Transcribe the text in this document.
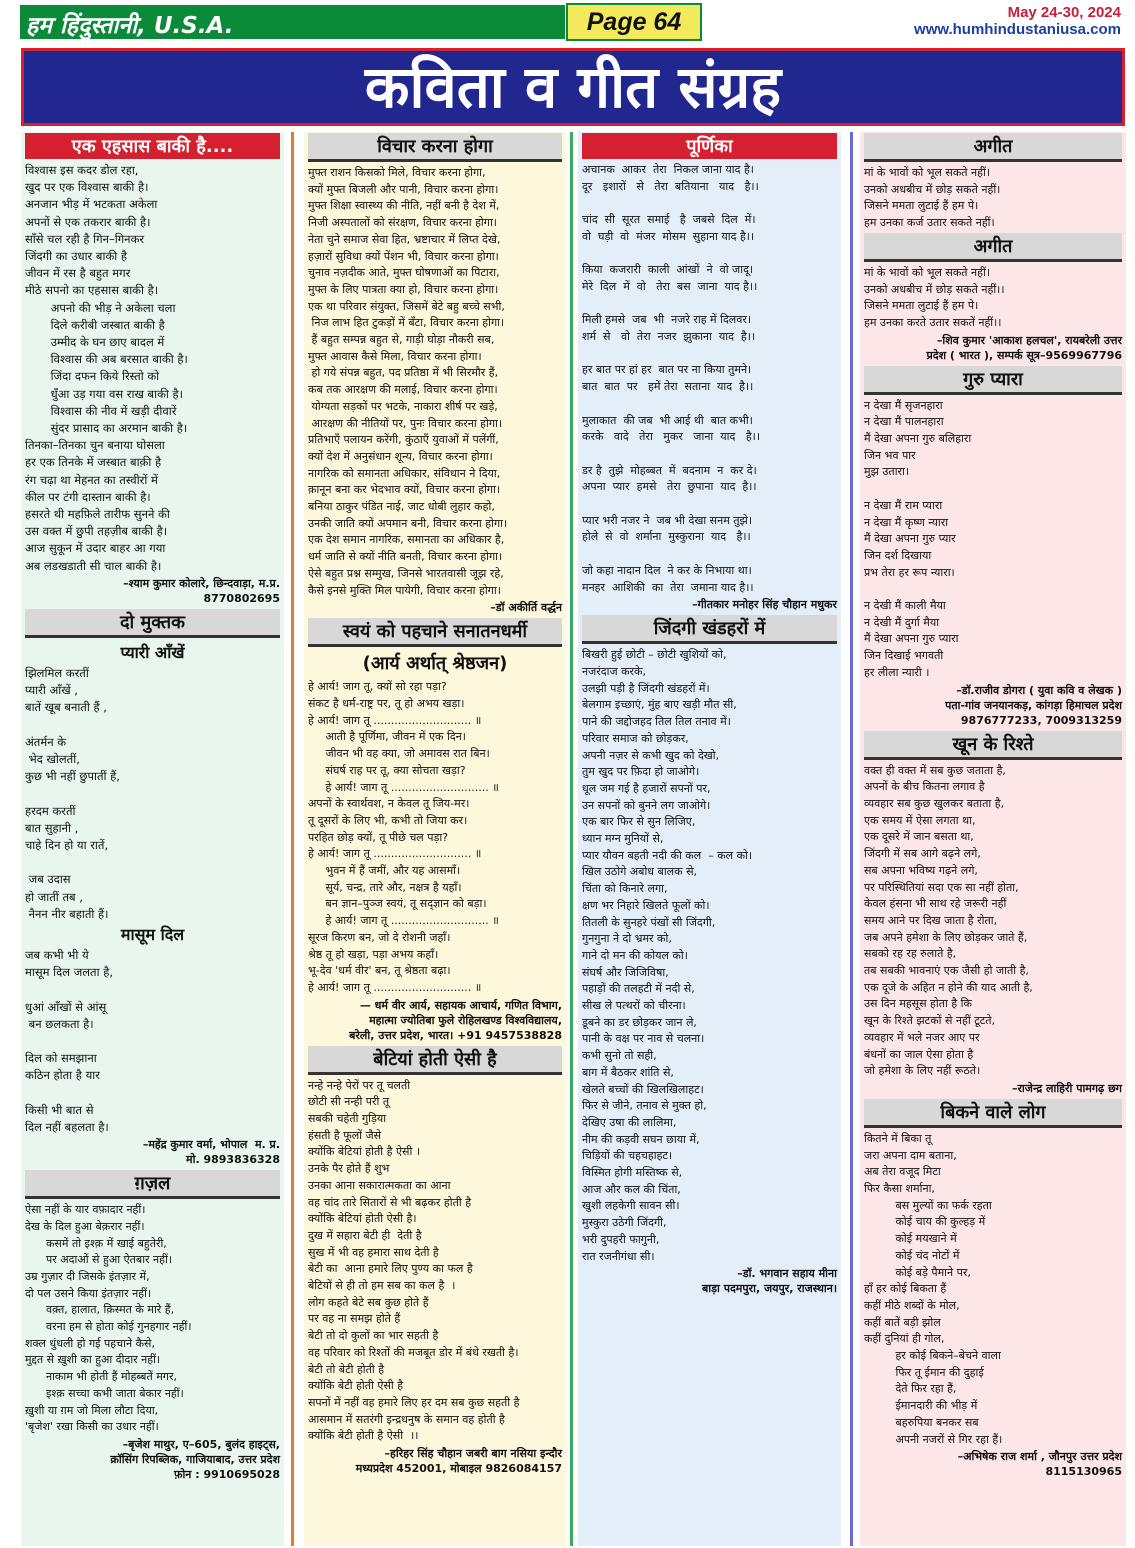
हम हिंदुस्तानी, U.S.A.	Page 64	May 24-30, 2024
www.humhindustaniusa.com
कविता व गीत संग्रह
एक एहसास बाकी है....
विश्वास इस कदर डोल रहा,
खुद पर एक विश्वास बाकी है।
अनजान भीड़ में भटकता अकेला
अपनों से एक तकरार बाकी है।
साँसे चल रही है गिन–गिनकर
जिंदगी का उधार बाकी है
जीवन में रस है बहुत मगर
मीठे सपनो का एहसास बाकी है।
अपनो की भीड़ ने अकेला चला
दिले करीबी जस्बात बाकी है
उम्मीद के घन छाए बादल में
विश्वास की अब बरसात बाकी है।
जिंदा दफन किये रिस्तो को
धुँआ उड़ गया वस राख बाकी है।
विश्वास की नीव में खड़ी दीवारें
सुंदर प्रासाद का अरमान बाकी है।
तिनका–तिनका चुन बनाया घोसला
हर एक तिनके में जस्बात बाक़ी है
रंग चढ़ा था मेहनत का तस्वीरों में
कील पर टंगी दास्तान बाकी है।
हसरते थी महफ़िले तारीफ सुनने की
उस वक्त में छुपी तहज़ीब बाकी है।
आज सुकून में उदार बाहर आ गया
अब लडखडाती सी चाल बाकी है।
–श्याम कुमार कोलारे, छिन्दवाड़ा, म.प्र.
8770802695
दो मुक्तक
प्यारी आँखें
झिलमिल करतीं
प्यारी आँखें ,
बातें खूब बनाती हैं ,

अंतर्मन के
भेद खोलतीं,
कुछ भी नहीं छुपातीं हैं,

हरदम करतीं
बात सुहानी ,
चाहे दिन हो या रातें,

जब उदास
हो जातीं तब ,
नैनन नीर बहाती हैं।
मासूम दिल
जब कभी भी ये
मासूम दिल जलता है,

धुआं आँखों से आंसू
बन छलकता है।

दिल को समझाना
कठिन होता है यार

किसी भी बात से
दिल नहीं बहलता है।
–महेंद्र कुमार वर्मा, भोपाल  म. प्र.
मो. 9893836328
ग़ज़ल
ऐसा नहीं के यार वफ़ादार नहीं।
देख के दिल हुआ बेक़रार नहीं।
कसमें तो इश्क़ में खाई बहुतेरी,
पर अदाओं से हुआ ऐतबार नहीं।
उम्र गुज़ार दी जिसके इंतज़ार में,
दो पल उसने किया इंतज़ार नहीं।
वक़्त, हालात, क़िस्मत के मारे हैं,
वरना हम से होता कोई गुनहगार नहीं।
शक्ल धुंधली हो गई पहचाने कैसे,
मुद्दत से ख़ुशी का हुआ दीदार नहीं।
नाकाम भी होती हैं मोहब्बतें मगर,
इश्क़ सच्चा कभी जाता बेकार नहीं।
ख़ुशी या ग़म जो मिला लौटा दिया,
'बृजेश' रखा किसी का उधार नहीं।
–बृजेश माथुर, ए–605, बुलंद हाइट्स,
क्रॉसिंग रिपब्लिक, गाजियाबाद, उत्तर प्रदेश
फ़ोन : 9910695028
विचार करना होगा
मुफ्त राशन किसको मिले, विचार करना होगा,
क्यों मुफ्त बिजली और पानी, विचार करना होगा।
मुफ्त शिक्षा स्वास्थ्य की नीति, नहीं बनी है देश में,
निजी अस्पतालों को संरक्षण, विचार करना होगा।
नेता चुने समाज सेवा हित, भ्रष्टाचार में लिप्त देखे,
हज़ारों सुविधा क्यों पेंशन भी, विचार करना होगा।
चुनाव नज़दीक आते, मुफ्त घोषणाओं का पिटारा,
मुफ्त के लिए पात्रता क्या हो, विचार करना होगा।
एक था परिवार संयुक्त, जिसमें बेटे बहु बच्चे सभी,
निज लाभ हित टुकड़ों में बँटा, विचार करना होगा।
हैं बहुत सम्पन्न बहुत से, गाड़ी घोड़ा नौकरी सब,
मुफ्त आवास कैसे मिला, विचार करना होगा।
हो गये संपन्न बहुत, पद प्रतिष्ठा में भी सिरमौर हैं,
कब तक आरक्षण की मलाई, विचार करना होगा।
योग्यता सड़कों पर भटके, नाकारा शीर्ष पर खड़े,
आरक्षण की नीतियों पर, पुनः विचार करना होगा।
प्रतिभाएँ पलायन करेंगी, कुंठाएँ युवाओं में पलेंगीं,
क्यों देश में अनुसंधान शून्य, विचार करना होगा।
नागरिक को समानता अधिकार, संविधान ने दिया,
क़ानून बना कर भेदभाव क्यों, विचार करना होगा।
बनिया ठाकुर पंडित नाई, जाट धोबी लुहार कहो,
उनकी जाति क्यों अपमान बनी, विचार करना होगा।
एक देश समान नागरिक, समानता का अधिकार है,
धर्म जाति से क्यों नीति बनती, विचार करना होगा।
ऐसे बहुत प्रश्न सम्मुख, जिनसे भारतवासी जूझ रहे,
कैसे इनसे मुक्ति मिल पायेगी, विचार करना होगा।
–डॉ अकीर्ति वर्द्धन
स्वयं को पहचाने सनातनधर्मी
(आर्य अर्थात् श्रेष्ठजन)
हे आर्य! जाग तू, क्यों सो रहा पड़ा?
संकट है धर्म-राष्ट्र पर, तू हो अभय खड़ा।
हे आर्य! जाग तू ............................ ॥
आती है पूर्णिमा, जीवन में एक दिन।
जीवन भी वह क्या, जो अमावस रात बिन।
संघर्ष राह पर तू, क्या सोचता खड़ा?
हे आर्य! जाग तू ............................ ॥
अपनों के स्वार्थवश, न केवल तू जिय-मर।
तू दूसरों के लिए भी, कभी तो जिया कर।
परहित छोड़ क्यों, तू पीछे चल पड़ा?
हे आर्य! जाग तू ............................ ॥
भुवन में हैं जमीं, और यह आसमाँ।
सूर्य, चन्द्र, तारे और, नक्षत्र है यहाँ।
बन ज्ञान–पुञ्ज स्वयं, तू सद्ज्ञान को बड़ा।
हे आर्य! जाग तू ............................ ॥
सूरज किरण बन, जो दे रोशनी जहाँ।
श्रेष्ठ तू हो खड़ा, पड़ा अभय कहाँ।
भू-देव 'धर्म वीर' बन, तू श्रेष्ठता बढ़ा।
हे आर्य! जाग तू ............................ ॥
— धर्म वीर आर्य, सहायक आचार्य, गणित विभाग,
महात्मा ज्योतिबा फुले रोहिलखण्ड विश्वविद्यालय,
बरेली, उत्तर प्रदेश, भारत। +91 9457538828
बेटियां होती ऐसी है
नन्हे नन्हे पेरों पर तू चलती
छोटी सी नन्ही परी तू
सबकी चहेती गुड़िया
हंसती है फूलों जैसे
क्योंकि बेटियां होती है ऐसी ।
उनके पैर होते हैं शुभ
उनका आना सकारात्मकता का आना
वह चांद तारे सितारों से भी बढ़कर होती है
क्योंकि बेटियां होती ऐसी है।
दुख में सहारा बेटी ही  देती है
सुख में भी वह हमारा साथ देती है
बेटी का  आना हमारे लिए पुण्य का फल है
बेटियों से ही तो हम सब का कल है  ।
लोग कहते बेटे सब कुछ होते हैं
पर वह ना समझ होते हैं
बेटी तो दो कुलों का भार सहती है
वह परिवार को रिश्तों की मजबूत डोर में बंधे रखती है।
बेटी तो बेटी होती है
क्योंकि बेटी होती ऐसी है
सपनों में नहीं वह हमारे लिए हर दम सब कुछ सहती है
आसमान में सतरंगी इन्द्रधनुष के समान वह होती है
क्योंकि बेटी होती है ऐसी  ।।
–हरिहर सिंह चौहान जबरी बाग नसिया इन्दौर
मध्यप्रदेश 452001, मोबाइल 9826084157
पूर्णिका
अचानक  आकर  तेरा  निकल जाना याद है।
दूर   इशारों   से   तेरा  बतियाना   याद   है।।

चांद  सी  सूरत  समाई   है  जबसे  दिल  में।
वो  घड़ी  वो  मंजर  मोसम  सुहाना याद है।।

किया  कजरारी  काली  आंखों  ने  वो जादू।
मेरे  दिल  में  वो   तेरा  बस  जाना  याद है।।

मिली हमसे  जब  भी  नजरे राह में दिलवर।
शर्म  से   वो  तेरा  नजर  झुकाना  याद  है।।

हर बात पर हां हर  बात पर ना किया तुमने।
बात  बात  पर   हमें तेरा  सताना  याद  है।।

मुलाकात  की जब  भी आई थी  बात कभी।
करके   वादे   तेरा   मुकर   जाना  याद   है।।

डर है  तुझे  मोहब्बत  में  बदनाम  न  कर दे।
अपना  प्यार  हमसे   तेरा  छुपाना  याद  है।।

प्यार भरी नजर ने  जब भी देखा सनम तुझे।
होले  से  वो  शर्माना  मुस्कुराना  याद   है।।

जो कहा नादान दिल  ने कर के निभाया था।
मनहर  आशिकी  का  तेरा  जमाना याद है।।
–गीतकार मनोहर सिंह चौहान मधुकर
जिंदगी खंडहरों में
बिखरी हुई छोटी – छोटी खुशियों को,
नजरंदाज करके,
उलझी पड़ी है जिंदगी खंडहरों में।
बेलगाम इच्छाएं, मुंह बाए खड़ी मौत सी,
पाने की जद्दोजहद तिल तिल तनाव में।
परिवार समाज को छोड़कर,
अपनी नज़र से कभी खुद को देखो,
तुम खुद पर फ़िदा हो जाओगे।
धूल जम गई है हजारों सपनों पर,
उन सपनों को बुनने लग जाओगे।
एक बार फिर से सुन लिजिए,
ध्यान मग्न मुनियों से,
प्यार यौवन बहती नदी की कल  – कल को।
खिल उठोगे अबोध बालक से,
चिंता को किनारे लगा,
क्षण भर निहारे खिलते फूलों को।
तितली के सुनहरे पंखों सी जिंदगी,
गुनगुना ने दो भ्रमर को,
गाने दो मन की कोयल को।
संघर्ष और जिजिविषा,
पहाड़ों की तलहटी में नदी से,
सीख ले पत्थरों को चीरना।
डूबने का डर छोड़कर जान ले,
पानी के वक्ष पर नाव से चलना।
कभी सुनो तो सही,
बाग में बैठकर शांति से,
खेलते बच्चों की खिलखिलाहट।
फिर से जीने, तनाव से मुक्त हो,
देखिए उषा की लालिमा,
नीम की कड़वी सघन छाया में,
चिड़ियों की चहचहाहट।
विस्मित होगी मस्तिष्क से,
आज और कल की चिंता,
खुशी लहकेगी सावन सी।
मुस्कुरा उठेगी जिंदगी,
भरी दुपहरी फागुनी,
रात रजनीगंधा सी।
–डॉ. भगवान सहाय मीना
बाड़ा पदमपुरा, जयपुर, राजस्थान।
अगीत
मां के भावों को भूल सकते नहीं।
उनको अधबीच में छोड़ सकते नहीं।
जिसने ममता लुटाई हैं हम पे।
हम उनका कर्ज उतार सकते नहीं।
अगीत
मां के भावों को भूल सकते नहीं।
उनको अधबीच में छोड़ सकते नहीं।।
जिसने ममता लुटाई हैं हम पे।
हम उनका करते उतार सकतें नहीं।।
–शिव कुमार 'आकाश हलचल', रायबरेली उत्तर
प्रदेश ( भारत ), सम्पर्क सूत्र–9569967796
गुरु प्यारा
न देखा मैं सृजनहारा
न देखा मैं पालनहारा
मैं देखा अपना गुरु बलिहारा
जिन भव पार
मुझ उतारा।

न देखा मैं राम प्यारा
न देखा मैं कृष्ण न्यारा
मैं देखा अपना गुरु प्यार
जिन दर्श दिखाया
प्रभ तेरा हर रूप न्यारा।

न देखी मैं काली मैया
न देखी मैं दुर्गा मैया
मैं देखा अपना गुरु प्यारा
जिन दिखाई भगवती
हर लीला न्यारी ।
–डॉ.राजीव डोगरा ( युवा कवि व लेखक )
पता-गांव जनयानकड़, कांगड़ा हिमाचल प्रदेश
9876777233, 7009313259
खून के रिश्ते
वक्त ही वक्त में सब कुछ जताता है,
अपनों के बीच कितना लगाव है
व्यवहार सब कुछ खुलकर बताता है,
एक समय में ऐसा लगता था,
एक दूसरे में जान बसता था,
जिंदगी में सब आगे बढ़ने लगे,
सब अपना भविष्य गढ़ने लगे,
पर परिस्थितियां सदा एक सा नहीं होता,
केवल हंसना भी साथ रहे जरूरी नहीं
समय आने पर दिख जाता है रोता,
जब अपने हमेशा के लिए छोड़कर जाते हैं,
सबको रह रह रुलाते है,
तब सबकी भावनाएं एक जैसी हो जाती है,
एक दूजे के अहित न होने की याद आती है,
उस दिन महसूस होता है कि
खून के रिश्ते झटकों से नहीं टूटते,
व्यवहार में भले नजर आए पर
बंधनों का जाल ऐसा होता है
जो हमेशा के लिए नहीं रूठते।
–राजेन्द्र लाहिरी पामगढ़ छग
बिकने वाले लोग
कितने में बिका तू
जरा अपना दाम बताना,
अब तेरा वजूद मिटा
फिर कैसा शर्माना,
बस मुल्यों का फर्क रहता
कोई चाय की कुल्हड़ में
कोई मयखाने में
कोई चंद नोटों में
कोई बड़े पैमाने पर,
हाँ हर कोई बिकता हैं
कहीं मीठे शब्दों के मोल,
कहीं बातें बड़ी झोल
कहीं दुनियां ही गोल,
हर कोई बिकने–बेचने वाला
फिर तू ईमान की दुहाई
देते फिर रहा हैं,
ईमानदारी की भीड़ में
बहरुपिया बनकर सब
अपनी नजरों से गिर रहा हैं।
–अभिषेक राज शर्मा , जौनपुर उत्तर प्रदेश
8115130965
